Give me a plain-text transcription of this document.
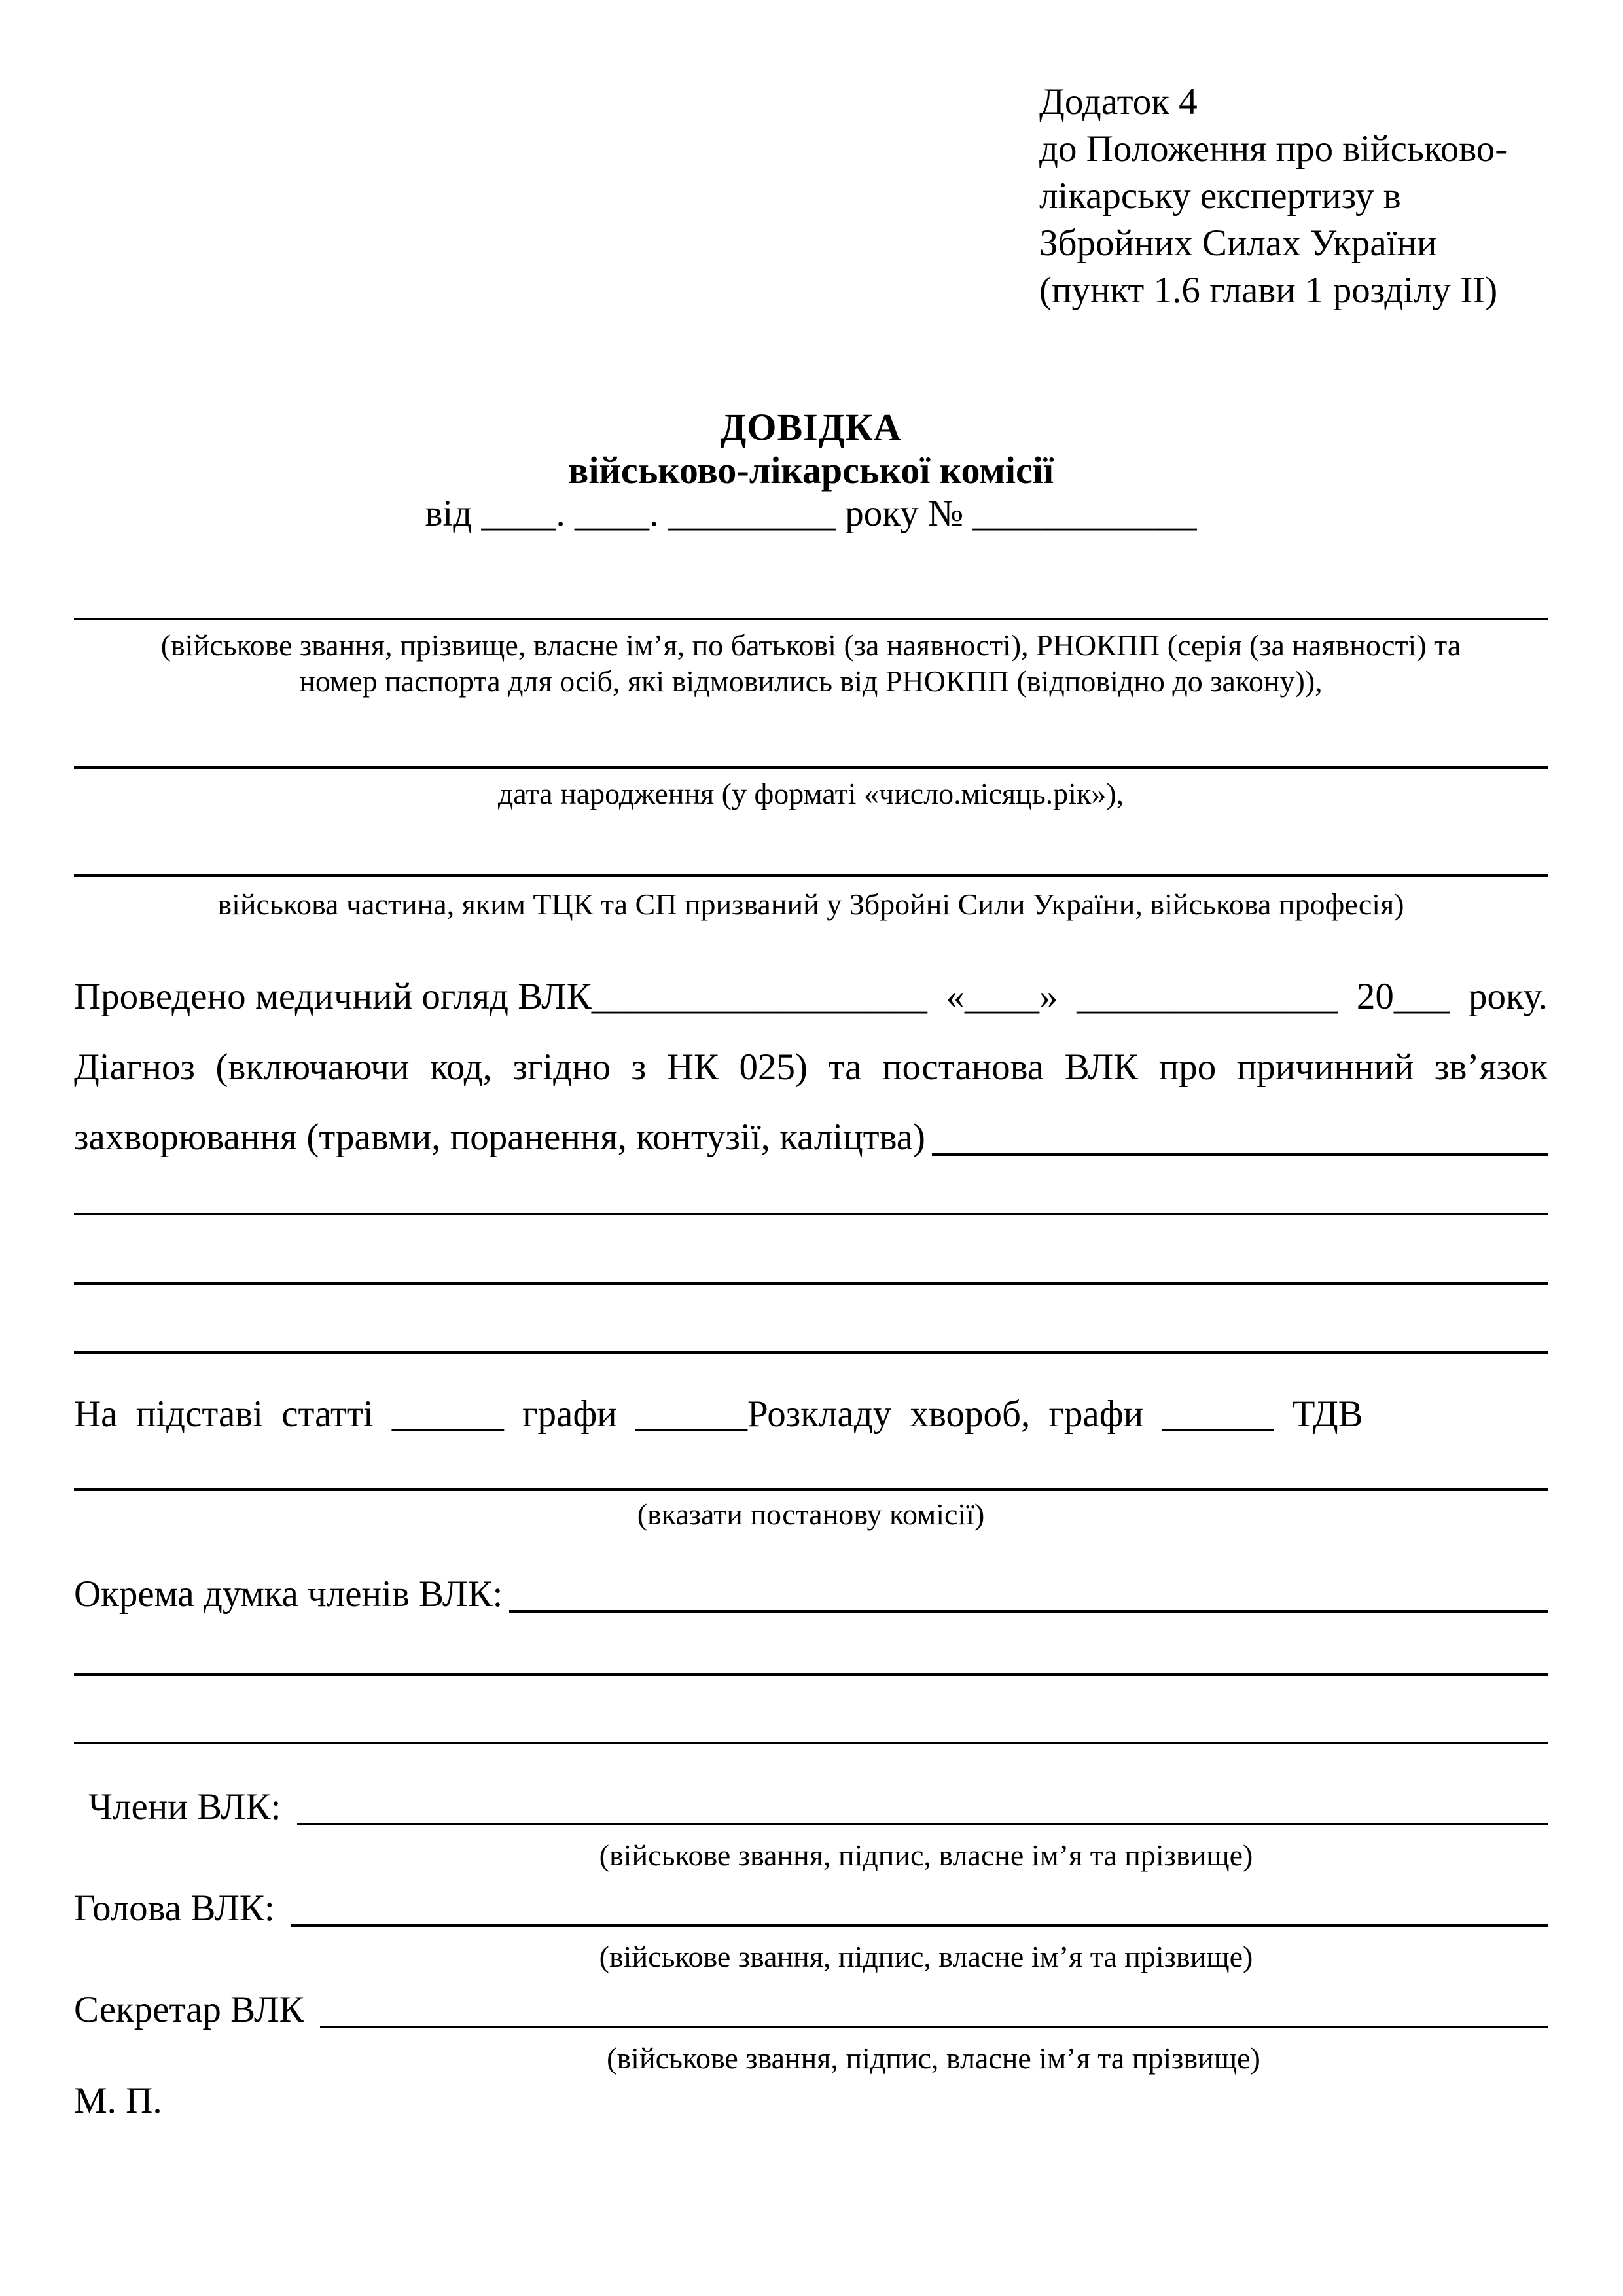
Додаток 4
до Положення про військово-
лікарську експертизу в
Збройних Силах України
(пункт 1.6 глави 1 розділу II)
ДОВІДКА
військово-лікарської комісії
від ____. ____. _________ року № ____________
(військове звання, прізвище, власне ім’я, по батькові (за наявності), РНОКПП (серія (за наявності) та
номер паспорта для осіб, які відмовились від РНОКПП (відповідно до закону)),
дата народження (у форматі «число.місяць.рік»),
військова частина, яким ТЦК та СП призваний у Збройні Сили України, військова професія)
Проведено медичний огляд ВЛК__________________ «____» ______________ 20___ року.
Діагноз (включаючи код, згідно з НК 025) та постанова ВЛК про причинний зв’язок
захворювання (травми, поранення, контузії, каліцтва)
На підставі статті ______ графи ______Розкладу хвороб, графи ______ ТДВ
(вказати постанову комісії)
Окрема думка членів ВЛК:
Члени ВЛК:
(військове звання, підпис, власне ім’я та прізвище)
Голова ВЛК:
(військове звання, підпис, власне ім’я та прізвище)
Секретар ВЛК
(військове звання, підпис, власне ім’я та прізвище)
М. П.
